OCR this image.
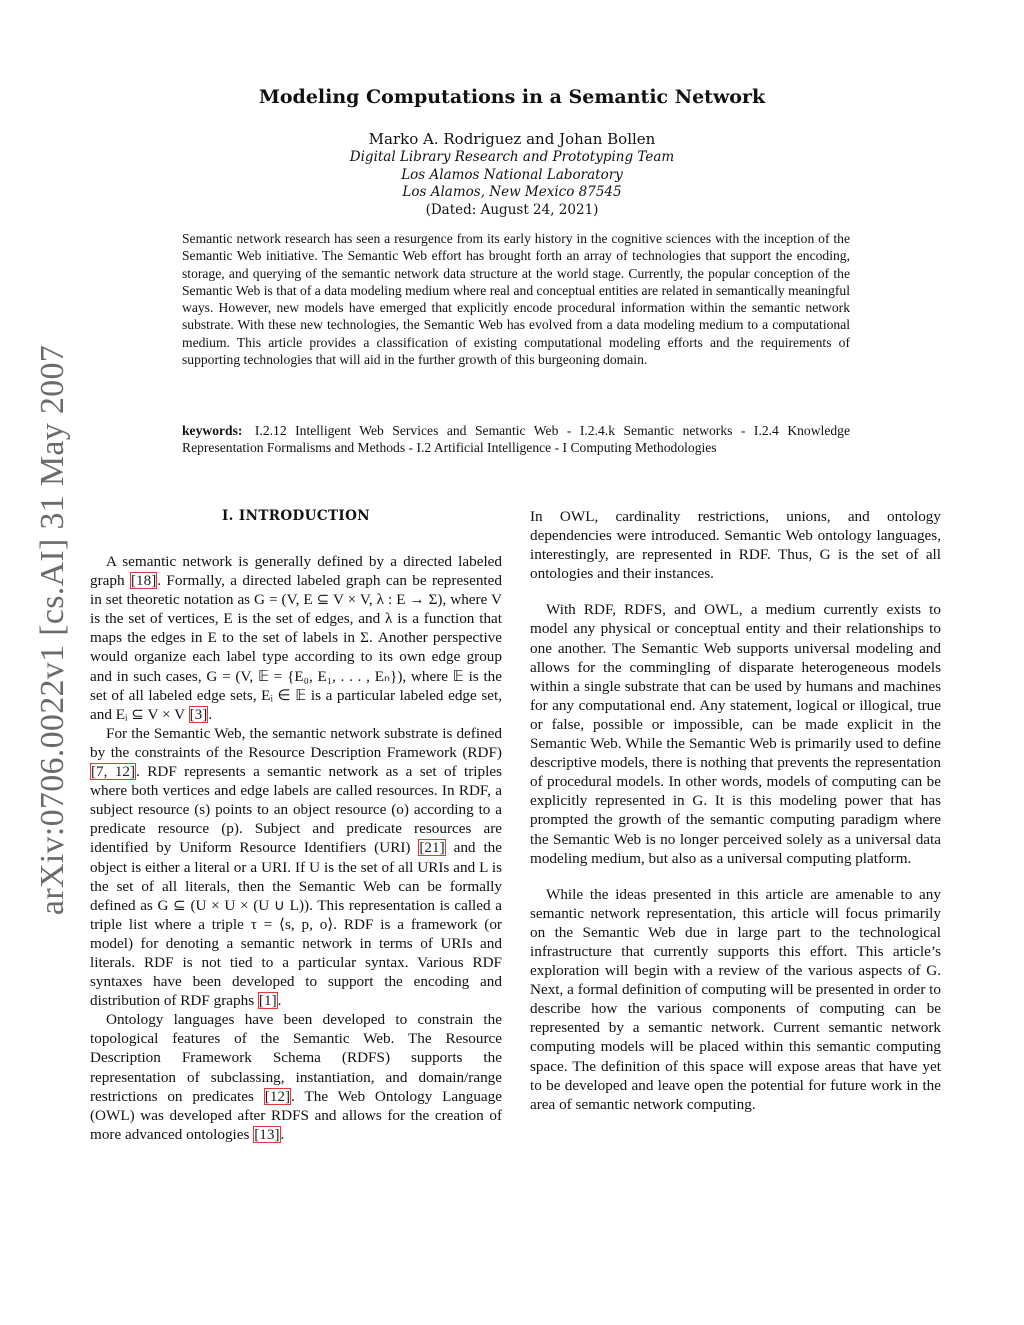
arXiv:0706.0022v1 [cs.AI] 31 May 2007
Modeling Computations in a Semantic Network
Marko A. Rodriguez and Johan Bollen
Digital Library Research and Prototyping Team
Los Alamos National Laboratory
Los Alamos, New Mexico 87545
(Dated: August 24, 2021)
Semantic network research has seen a resurgence from its early history in the cognitive sciences with the inception of the Semantic Web initiative. The Semantic Web effort has brought forth an array of technologies that support the encoding, storage, and querying of the semantic network data structure at the world stage. Currently, the popular conception of the Semantic Web is that of a data modeling medium where real and conceptual entities are related in semantically meaningful ways. However, new models have emerged that explicitly encode procedural information within the semantic network substrate. With these new technologies, the Semantic Web has evolved from a data modeling medium to a computational medium. This article provides a classification of existing computational modeling efforts and the requirements of supporting technologies that will aid in the further growth of this burgeoning domain.
keywords: I.2.12 Intelligent Web Services and Semantic Web - I.2.4.k Semantic networks - I.2.4 Knowledge Representation Formalisms and Methods - I.2 Artificial Intelligence - I Computing Methodologies
I. INTRODUCTION

A semantic network is generally defined by a directed labeled graph [18]. Formally, a directed labeled graph can be represented in set theoretic notation as G = (V, E ⊆ V × V, λ : E → Σ), where V is the set of vertices, E is the set of edges, and λ is a function that maps the edges in E to the set of labels in Σ. Another perspective would organize each label type according to its own edge group and in such cases, G = (V, 𝔼 = {E₀, E₁, . . . , Eₙ}), where 𝔼 is the set of all labeled edge sets, Eᵢ ∈ 𝔼 is a particular labeled edge set, and Eᵢ ⊆ V × V [3].

For the Semantic Web, the semantic network substrate is defined by the constraints of the Resource Description Framework (RDF) [7, 12]. RDF represents a semantic network as a set of triples where both vertices and edge labels are called resources. In RDF, a subject resource (s) points to an object resource (o) according to a predicate resource (p). Subject and predicate resources are identified by Uniform Resource Identifiers (URI) [21] and the object is either a literal or a URI. If U is the set of all URIs and L is the set of all literals, then the Semantic Web can be formally defined as G ⊆ (U × U × (U ∪ L)). This representation is called a triple list where a triple τ = ⟨s, p, o⟩. RDF is a framework (or model) for denoting a semantic network in terms of URIs and literals. RDF is not tied to a particular syntax. Various RDF syntaxes have been developed to support the encoding and distribution of RDF graphs [1].

Ontology languages have been developed to constrain the topological features of the Semantic Web. The Resource Description Framework Schema (RDFS) supports the representation of subclassing, instantiation, and domain/range restrictions on predicates [12]. The Web Ontology Language (OWL) was developed after RDFS and allows for the creation of more advanced ontologies [13].

In OWL, cardinality restrictions, unions, and ontology dependencies were introduced. Semantic Web ontology languages, interestingly, are represented in RDF. Thus, G is the set of all ontologies and their instances.

With RDF, RDFS, and OWL, a medium currently exists to model any physical or conceptual entity and their relationships to one another. The Semantic Web supports universal modeling and allows for the commingling of disparate heterogeneous models within a single substrate that can be used by humans and machines for any computational end. Any statement, logical or illogical, true or false, possible or impossible, can be made explicit in the Semantic Web. While the Semantic Web is primarily used to define descriptive models, there is nothing that prevents the representation of procedural models. In other words, models of computing can be explicitly represented in G. It is this modeling power that has prompted the growth of the semantic computing paradigm where the Semantic Web is no longer perceived solely as a universal data modeling medium, but also as a universal computing platform.

While the ideas presented in this article are amenable to any semantic network representation, this article will focus primarily on the Semantic Web due in large part to the technological infrastructure that currently supports this effort. This article’s exploration will begin with a review of the various aspects of G. Next, a formal definition of computing will be presented in order to describe how the various components of computing can be represented by a semantic network. Current semantic network computing models will be placed within this semantic computing space. The definition of this space will expose areas that have yet to be developed and leave open the potential for future work in the area of semantic network computing.
